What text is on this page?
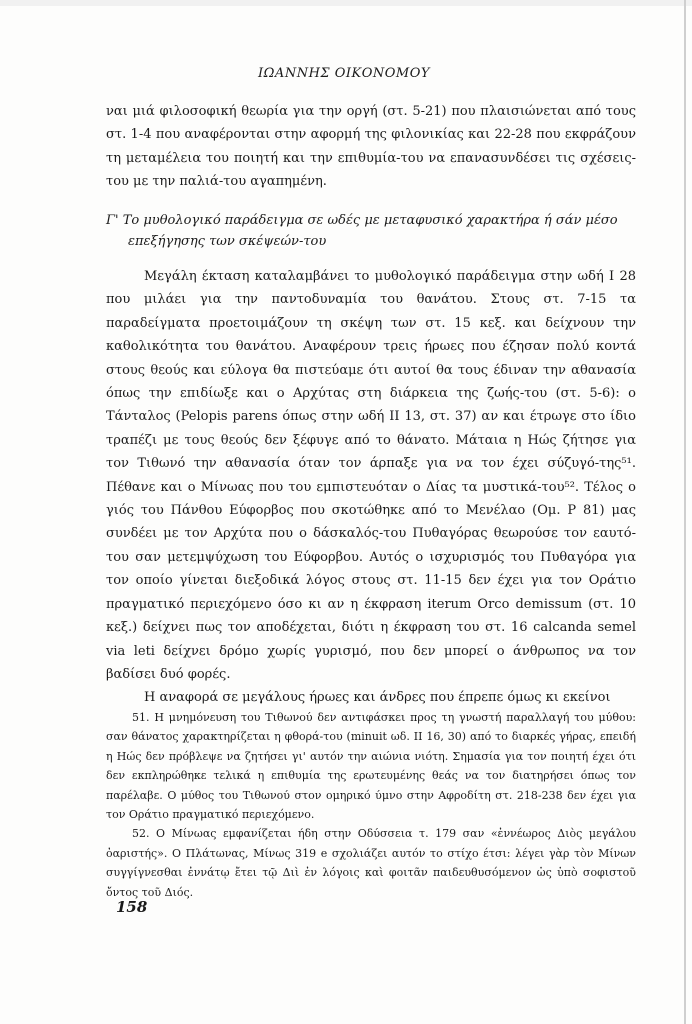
ΙΩΑΝΝΗΣ ΟΙΚΟΝΟΜΟΥ

ναι μιά φιλοσοφική θεωρία για την οργή (στ. 5-21) που πλαισιώνεται από τους στ. 1-4 που αναφέρονται στην αφορμή της φιλονικίας και 22-28 που εκφράζουν τη μεταμέλεια του ποιητή και την επιθυμία-του να επανασυνδέσει τις σχέσεις-του με την παλιά-του αγαπημένη.

Γ' Το μυθολογικό παράδειγμα σε ωδές με μεταφυσικό χαρακτήρα ή σάν μέσο επεξήγησης των σκέψεών-του

Μεγάλη έκταση καταλαμβάνει το μυθολογικό παράδειγμα στην ωδή I 28 που μιλάει για την παντοδυναμία του θανάτου. Στους στ. 7-15 τα παραδείγματα προετοιμάζουν τη σκέψη των στ. 15 κεξ. και δείχνουν την καθολικότητα του θανάτου. Αναφέρουν τρεις ήρωες που έζησαν πολύ κοντά στους θεούς και εύλογα θα πιστεύαμε ότι αυτοί θα τους έδιναν την αθανασία όπως την επιδίωξε και ο Αρχύτας στη διάρκεια της ζωής-του (στ. 5-6): ο Τάνταλος (Pelopis parens όπως στην ωδή II 13, στ. 37) αν και έτρωγε στο ίδιο τραπέζι με τους θεούς δεν ξέφυγε από το θάνατο. Μάταια η Ηώς ζήτησε για τον Τιθωνό την αθανασία όταν τον άρπαξε για να τον έχει σύζυγό-της⁵¹. Πέθανε και ο Μίνωας που του εμπιστευόταν ο Δίας τα μυστικά-του⁵². Τέλος ο γιός του Πάνθου Εύφορβος που σκοτώθηκε από το Μενέλαο (Ομ. Ρ 81) μας συνδέει με τον Αρχύτα που ο δάσκαλός-του Πυθαγόρας θεωρούσε τον εαυτό-του σαν μετεμψύχωση του Εύφορβου. Αυτός ο ισχυρισμός του Πυθαγόρα για τον οποίο γίνεται διεξοδικά λόγος στους στ. 11-15 δεν έχει για τον Οράτιο πραγματικό περιεχόμενο όσο κι αν η έκφραση iterum Orco demissum (στ. 10 κεξ.) δείχνει πως τον αποδέχεται, διότι η έκφραση του στ. 16 calcanda semel via leti δείχνει δρόμο χωρίς γυρισμό, που δεν μπορεί ο άνθρωπος να τον βαδίσει δυό φορές.

Η αναφορά σε μεγάλους ήρωες και άνδρες που έπρεπε όμως κι εκείνοι

51. Η μνημόνευση του Τιθωνού δεν αντιφάσκει προς τη γνωστή παραλλαγή του μύθου: σαν θάνατος χαρακτηρίζεται η φθορά-του (minuit ωδ. II 16, 30) από το διαρκές γήρας, επειδή η Ηώς δεν πρόβλεψε να ζητήσει γι' αυτόν την αιώνια νιότη. Σημασία για τον ποιητή έχει ότι δεν εκπληρώθηκε τελικά η επιθυμία της ερωτευμένης θεάς να τον διατηρήσει όπως τον παρέλαβε. Ο μύθος του Τιθωνού στον ομηρικό ύμνο στην Αφροδίτη στ. 218-238 δεν έχει για τον Οράτιο πραγματικό περιεχόμενο.

52. Ο Μίνωας εμφανίζεται ήδη στην Οδύσσεια τ. 179 σαν «ἐννέωρος Διὸς μεγάλου ὀαριστής». Ο Πλάτωνας, Μίνως 319 e σχολιάζει αυτόν το στίχο έτσι: λέγει γὰρ τὸν Μίνων συγγίγνεσθαι ἐννάτῳ ἔτει τῷ Διὶ ἐν λόγοις καὶ φοιτᾶν παιδευθυσόμενον ὡς ὑπὸ σοφιστοῦ ὄντος τοῦ Διός.

158
